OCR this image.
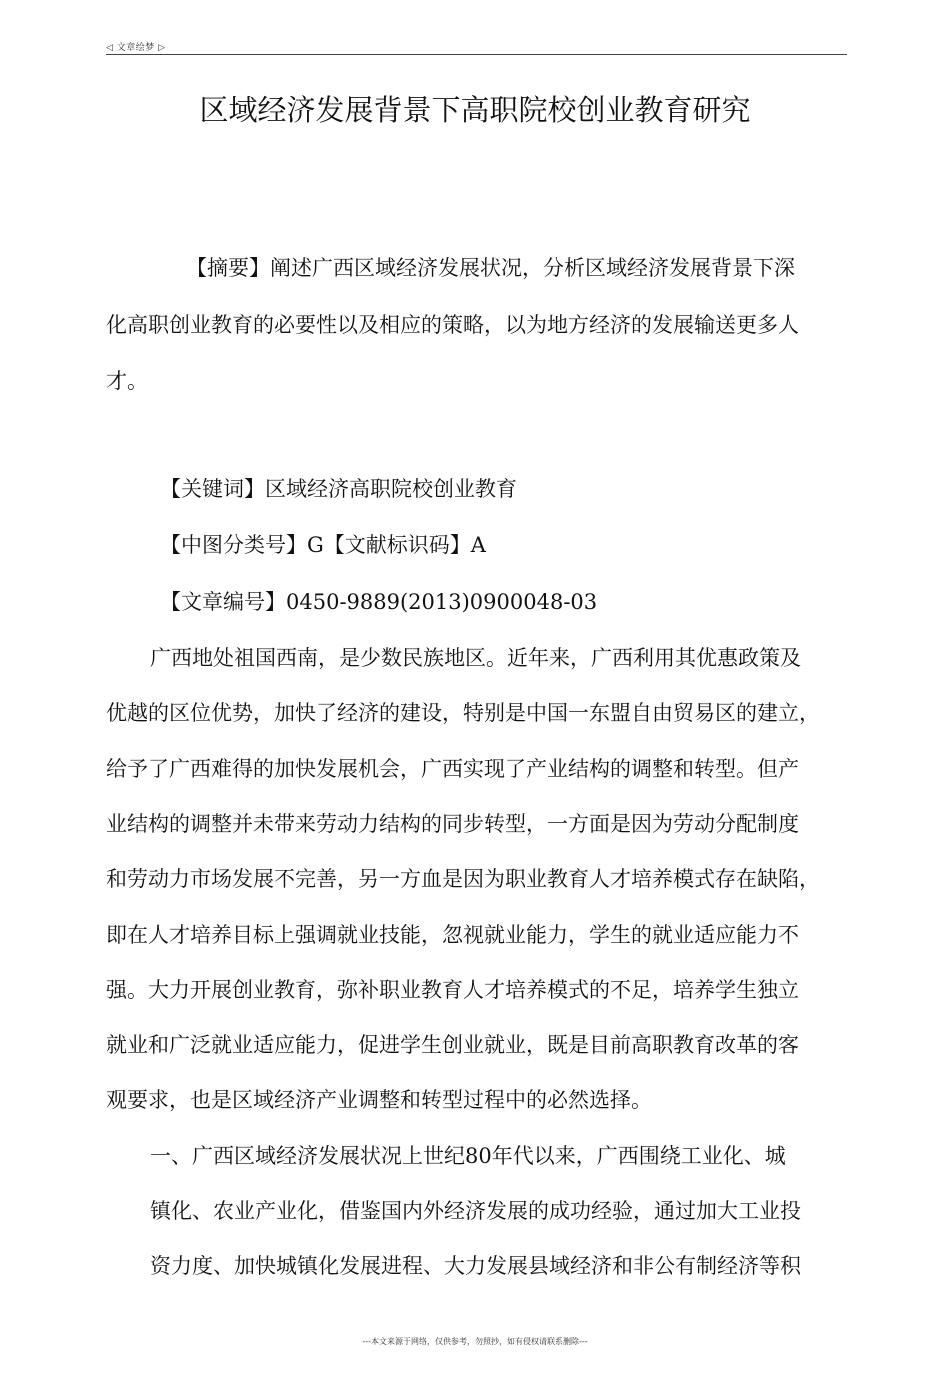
◁ 文章绘梦 ▷
区域经济发展背景下高职院校创业教育研究
【摘要】阐述广西区域经济发展状况，分析区域经济发展背景下深
化高职创业教育的必要性以及相应的策略，以为地方经济的发展输送更多人
才。
【关键词】区域经济高职院校创业教育
【中图分类号】G【文献标识码】A
【文章编号】0450-9889(2013)0900048-03
广西地处祖国西南，是少数民族地区。近年来，广西利用其优惠政策及
优越的区位优势，加快了经济的建设，特别是中国一东盟自由贸易区的建立，
给予了广西难得的加快发展机会，广西实现了产业结构的调整和转型。但产
业结构的调整并未带来劳动力结构的同步转型，一方面是因为劳动分配制度
和劳动力市场发展不完善，另一方血是因为职业教育人才培养模式存在缺陷，
即在人才培养目标上强调就业技能，忽视就业能力，学生的就业适应能力不
强。大力开展创业教育，弥补职业教育人才培养模式的不足，培养学生独立
就业和广泛就业适应能力，促进学生创业就业，既是目前高职教育改革的客
观要求，也是区域经济产业调整和转型过程中的必然选择。
一、广西区域经济发展状况上世纪80年代以来，广西围绕工业化、城
镇化、农业产业化，借鉴国内外经济发展的成功经验，通过加大工业投
资力度、加快城镇化发展进程、大力发展县域经济和非公有制经济等积
---本文来源于网络，仅供参考，勿照抄，如有侵权请联系删除---
